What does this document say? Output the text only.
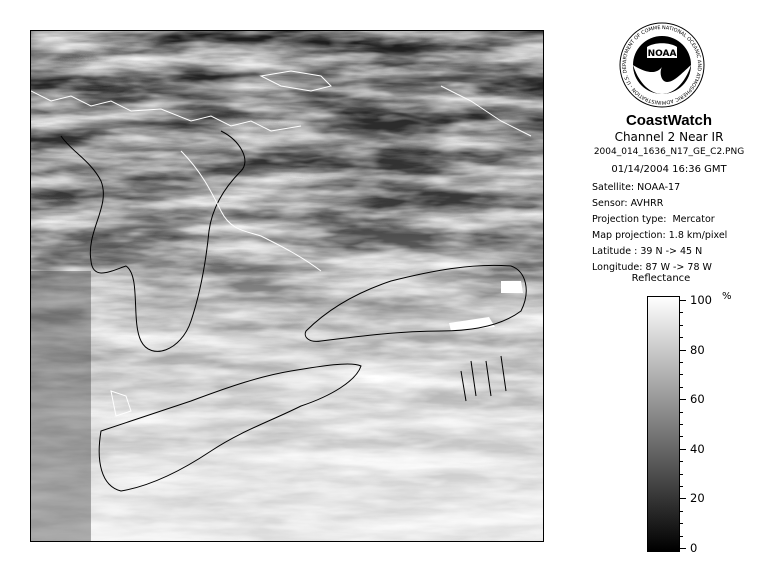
NOAA
NATIONAL OCEANIC AND ATMOSPHERIC ADMINISTRATION - U.S. DEPARTMENT OF COMME
CoastWatch
Channel 2 Near IR
2004_014_1636_N17_GE_C2.PNG
01/14/2004 16:36 GMT
Satellite: NOAA-17
Sensor: AVHRR
Projection type: Mercator
Map projection: 1.8 km/pixel
Latitude : 39 N -> 45 N
Longitude: 87 W -> 78 W
Reflectance
%
100
80
60
40
20
0
